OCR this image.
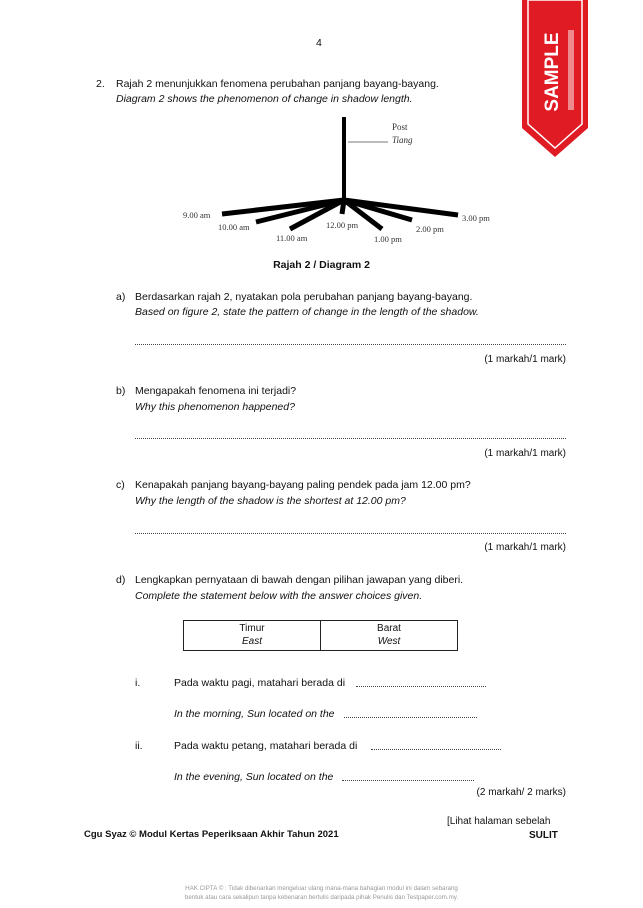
4	SAMPLE
2. Rajah 2 menunjukkan fenomena perubahan panjang bayang-bayang.
Diagram 2 shows the phenomenon of change in shadow length.
Post
Tiang
9.00 am
10.00 am
11.00 am
12.00 pm
1.00 pm
2.00 pm
3.00 pm
Rajah 2 / Diagram 2
a) Berdasarkan rajah 2, nyatakan pola perubahan panjang bayang-bayang.
Based on figure 2, state the pattern of change in the length of the shadow.
(1 markah/1 mark)
b) Mengapakah fenomena ini terjadi?
Why this phenomenon happened?
(1 markah/1 mark)
c) Kenapakah panjang bayang-bayang paling pendek pada jam 12.00 pm?
Why the length of the shadow is the shortest at 12.00 pm?
(1 markah/1 mark)
d) Lengkapkan pernyataan di bawah dengan pilihan jawapan yang diberi.
Complete the statement below with the answer choices given.
Timur
East

Barat
West
i.	Pada waktu pagi, matahari berada di
In the morning, Sun located on the
ii.	Pada waktu petang, matahari berada di
In the evening, Sun located on the
(2 markah/ 2 marks)
[Lihat halaman sebelah
Cgu Syaz © Modul Kertas Peperiksaan Akhir Tahun 2021	SULIT
HAK CIPTA © : Tidak dibenarkan mengeluar ulang mana-mana bahagian modul ini dalam sebarang
bentuk atau cara sekalipun tanpa kebenaran bertulis daripada pihak Penulis dan Testpaper.com.my.
